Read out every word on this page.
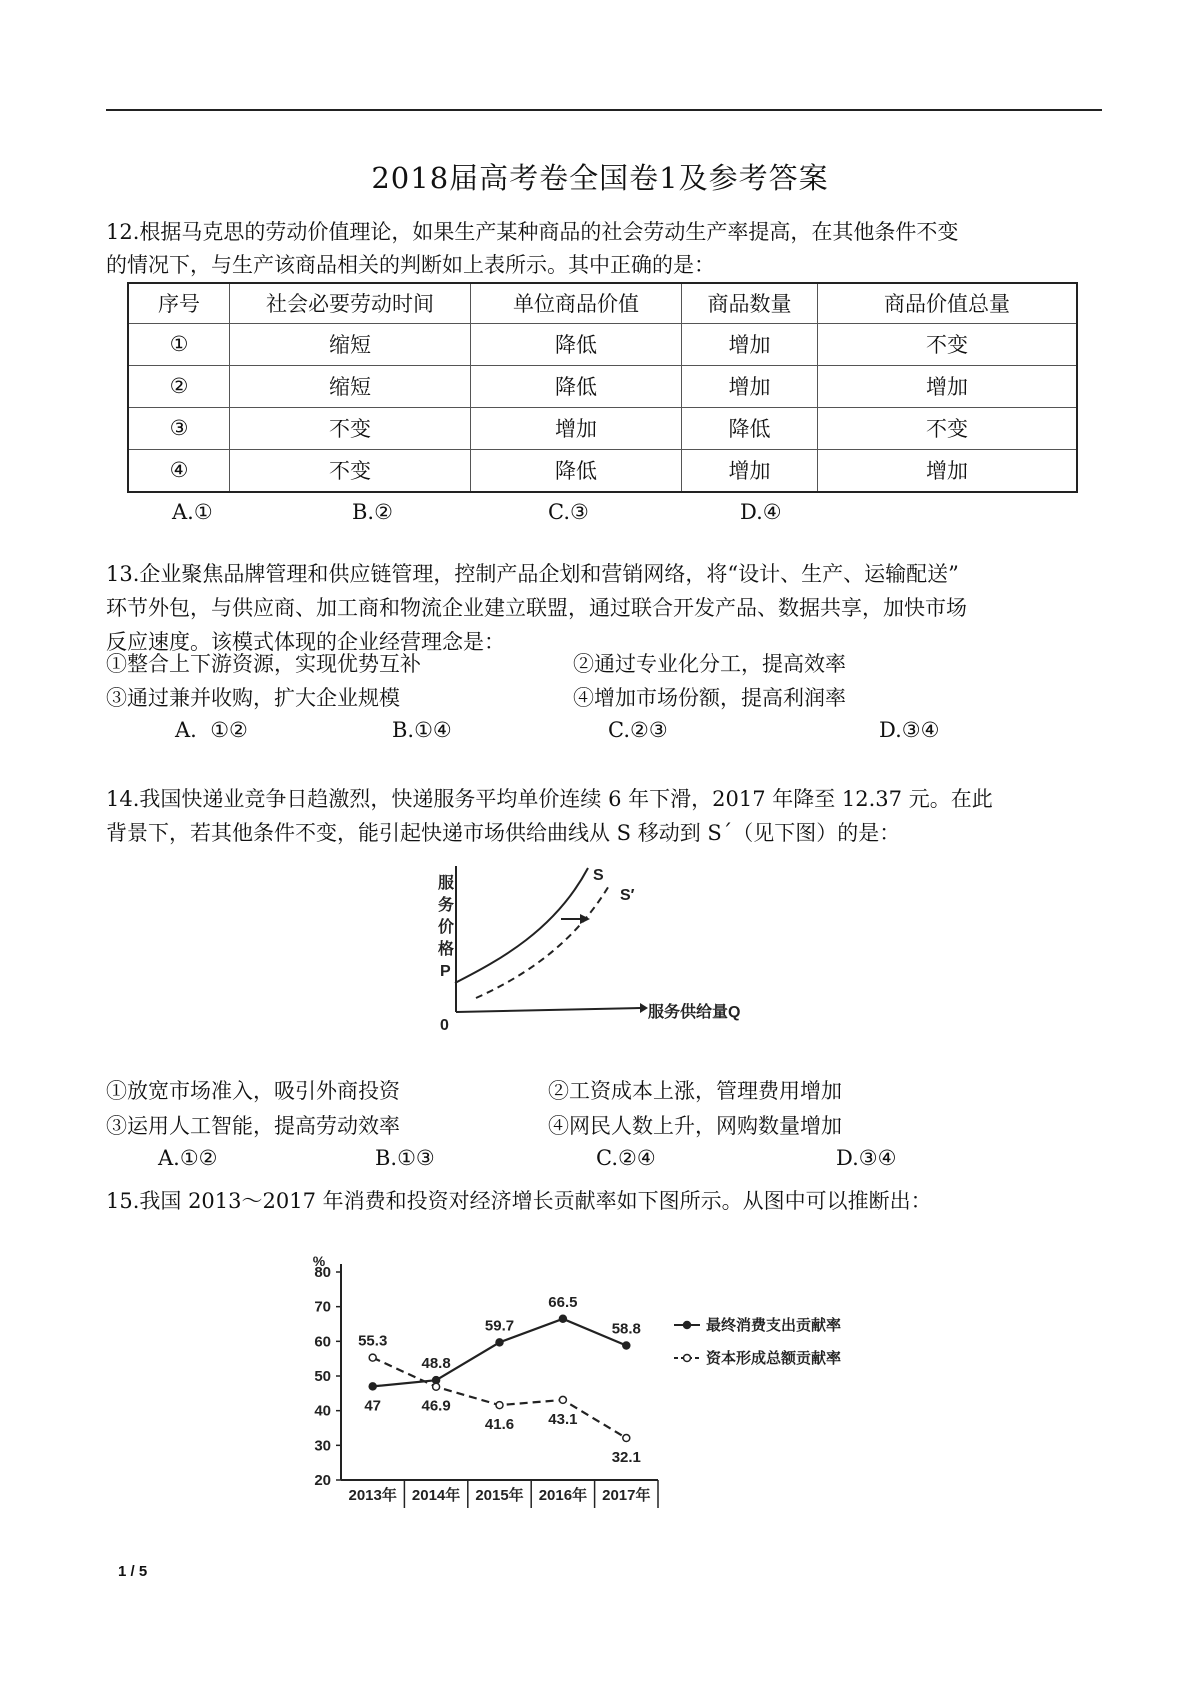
2018届高考卷全国卷1及参考答案
12.根据马克思的劳动价值理论，如果生产某种商品的社会劳动生产率提高，在其他条件不变
的情况下，与生产该商品相关的判断如上表所示。其中正确的是：
序号	社会必要劳动时间	单位商品价值	商品数量	商品价值总量
①	缩短	降低	增加	不变
②	缩短	降低	增加	增加
③	不变	增加	降低	不变
④	不变	降低	增加	增加
A.①	B.②	C.③	D.④
13.企业聚焦品牌管理和供应链管理，控制产品企划和营销网络，将“设计、生产、运输配送”
环节外包，与供应商、加工商和物流企业建立联盟，通过联合开发产品、数据共享，加快市场
反应速度。该模式体现的企业经营理念是：
①整合上下游资源，实现优势互补	②通过专业化分工，提高效率
③通过兼并收购，扩大企业规模	④增加市场份额，提高利润率
A.  ①②	B.①④	C.②③	D.③④
14.我国快递业竞争日趋激烈，快递服务平均单价连续 6 年下滑，2017 年降至 12.37 元。在此
背景下，若其他条件不变，能引起快递市场供给曲线从 S 移动到 S´（见下图）的是：
服
务
价
格
P
0
服务供给量Q
S
S′
①放宽市场准入，吸引外商投资	②工资成本上涨，管理费用增加
③运用人工智能，提高劳动效率	④网民人数上升，网购数量增加
A.①②	B.①③	C.②④	D.③④
15.我国 2013～2017 年消费和投资对经济增长贡献率如下图所示。从图中可以推断出：
%
20
30
40
50
60
70
80
2013年 2014年 2015年 2016年 2017年
47
48.8
59.7
66.5
58.8
55.3
46.9
41.6 43.1
32.1
最终消费支出贡献率
资本形成总额贡献率
1 / 5
